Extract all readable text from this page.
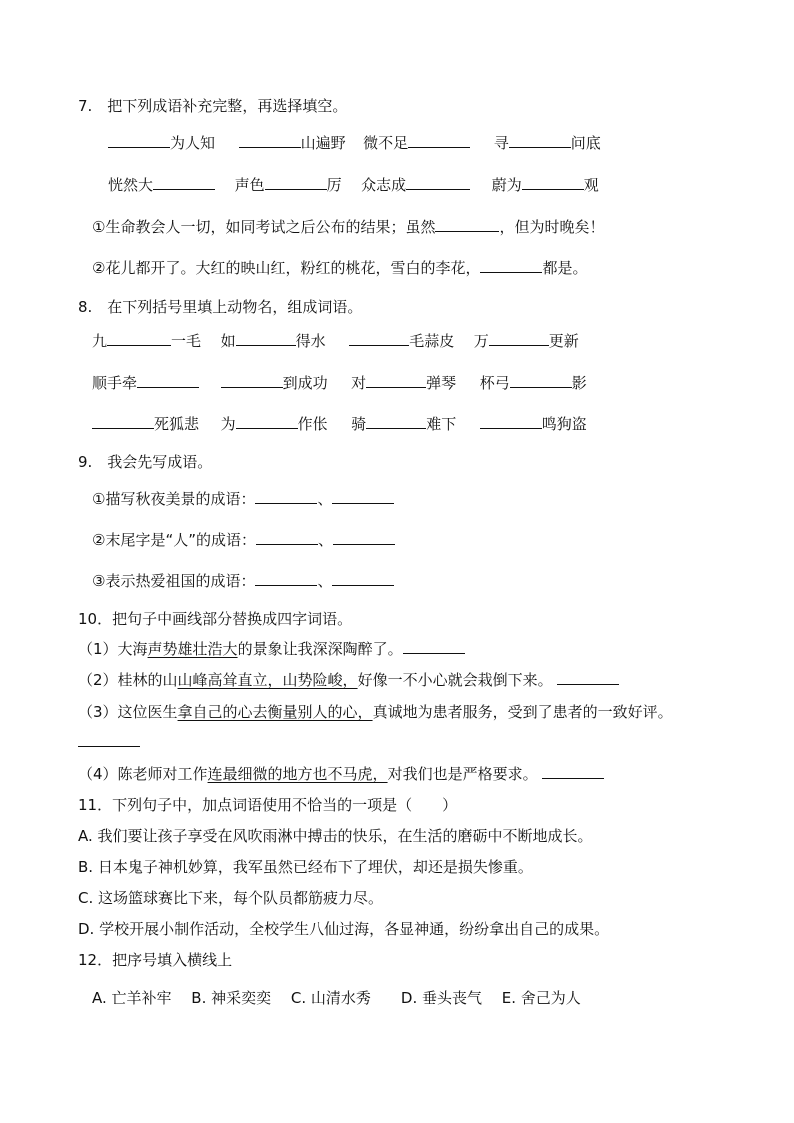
7.　把下列成语补充完整，再选择填空。
为人知	山遍野 微不足	寻	问底
恍然大	声色	厉 众志成	蔚为	观
①生命教会人一切，如同考试之后公布的结果；虽然	，但为时晚矣！
②花儿都开了。大红的映山红，粉红的桃花，雪白的李花，	都是。
8.　在下列括号里填上动物名，组成词语。
九	一毛 如	得水	毛蒜皮 万	更新
顺手牵	到成功 对	弹琴 杯弓	影
死狐悲 为	作伥 骑	难下	鸣狗盗
9.　我会先写成语。
①描写秋夜美景的成语：	、
②末尾字是“人”的成语：	、
③表示热爱祖国的成语：	、
10．把句子中画线部分替换成四字词语。
（1）大海声势雄壮浩大的景象让我深深陶醉了。
（2）桂林的山山峰高耸直立，山势险峻，好像一不小心就会栽倒下来。
（3）这位医生拿自己的心去衡量别人的心，真诚地为患者服务，受到了患者的一致好评。
（4）陈老师对工作连最细微的地方也不马虎，对我们也是严格要求。
11．下列句子中，加点词语使用不恰当的一项是（　　）
A. 我们要让孩子享受在风吹雨淋中搏击的快乐，在生活的磨砺中不断地成长。
B. 日本鬼子神机妙算，我军虽然已经布下了埋伏，却还是损失惨重。
C. 这场篮球赛比下来，每个队员都筋疲力尽。
D. 学校开展小制作活动，全校学生八仙过海，各显神通，纷纷拿出自己的成果。
12．把序号填入横线上
A. 亡羊补牢　 B. 神采奕奕　 C. 山清水秀　　D. 垂头丧气　 E. 舍己为人
